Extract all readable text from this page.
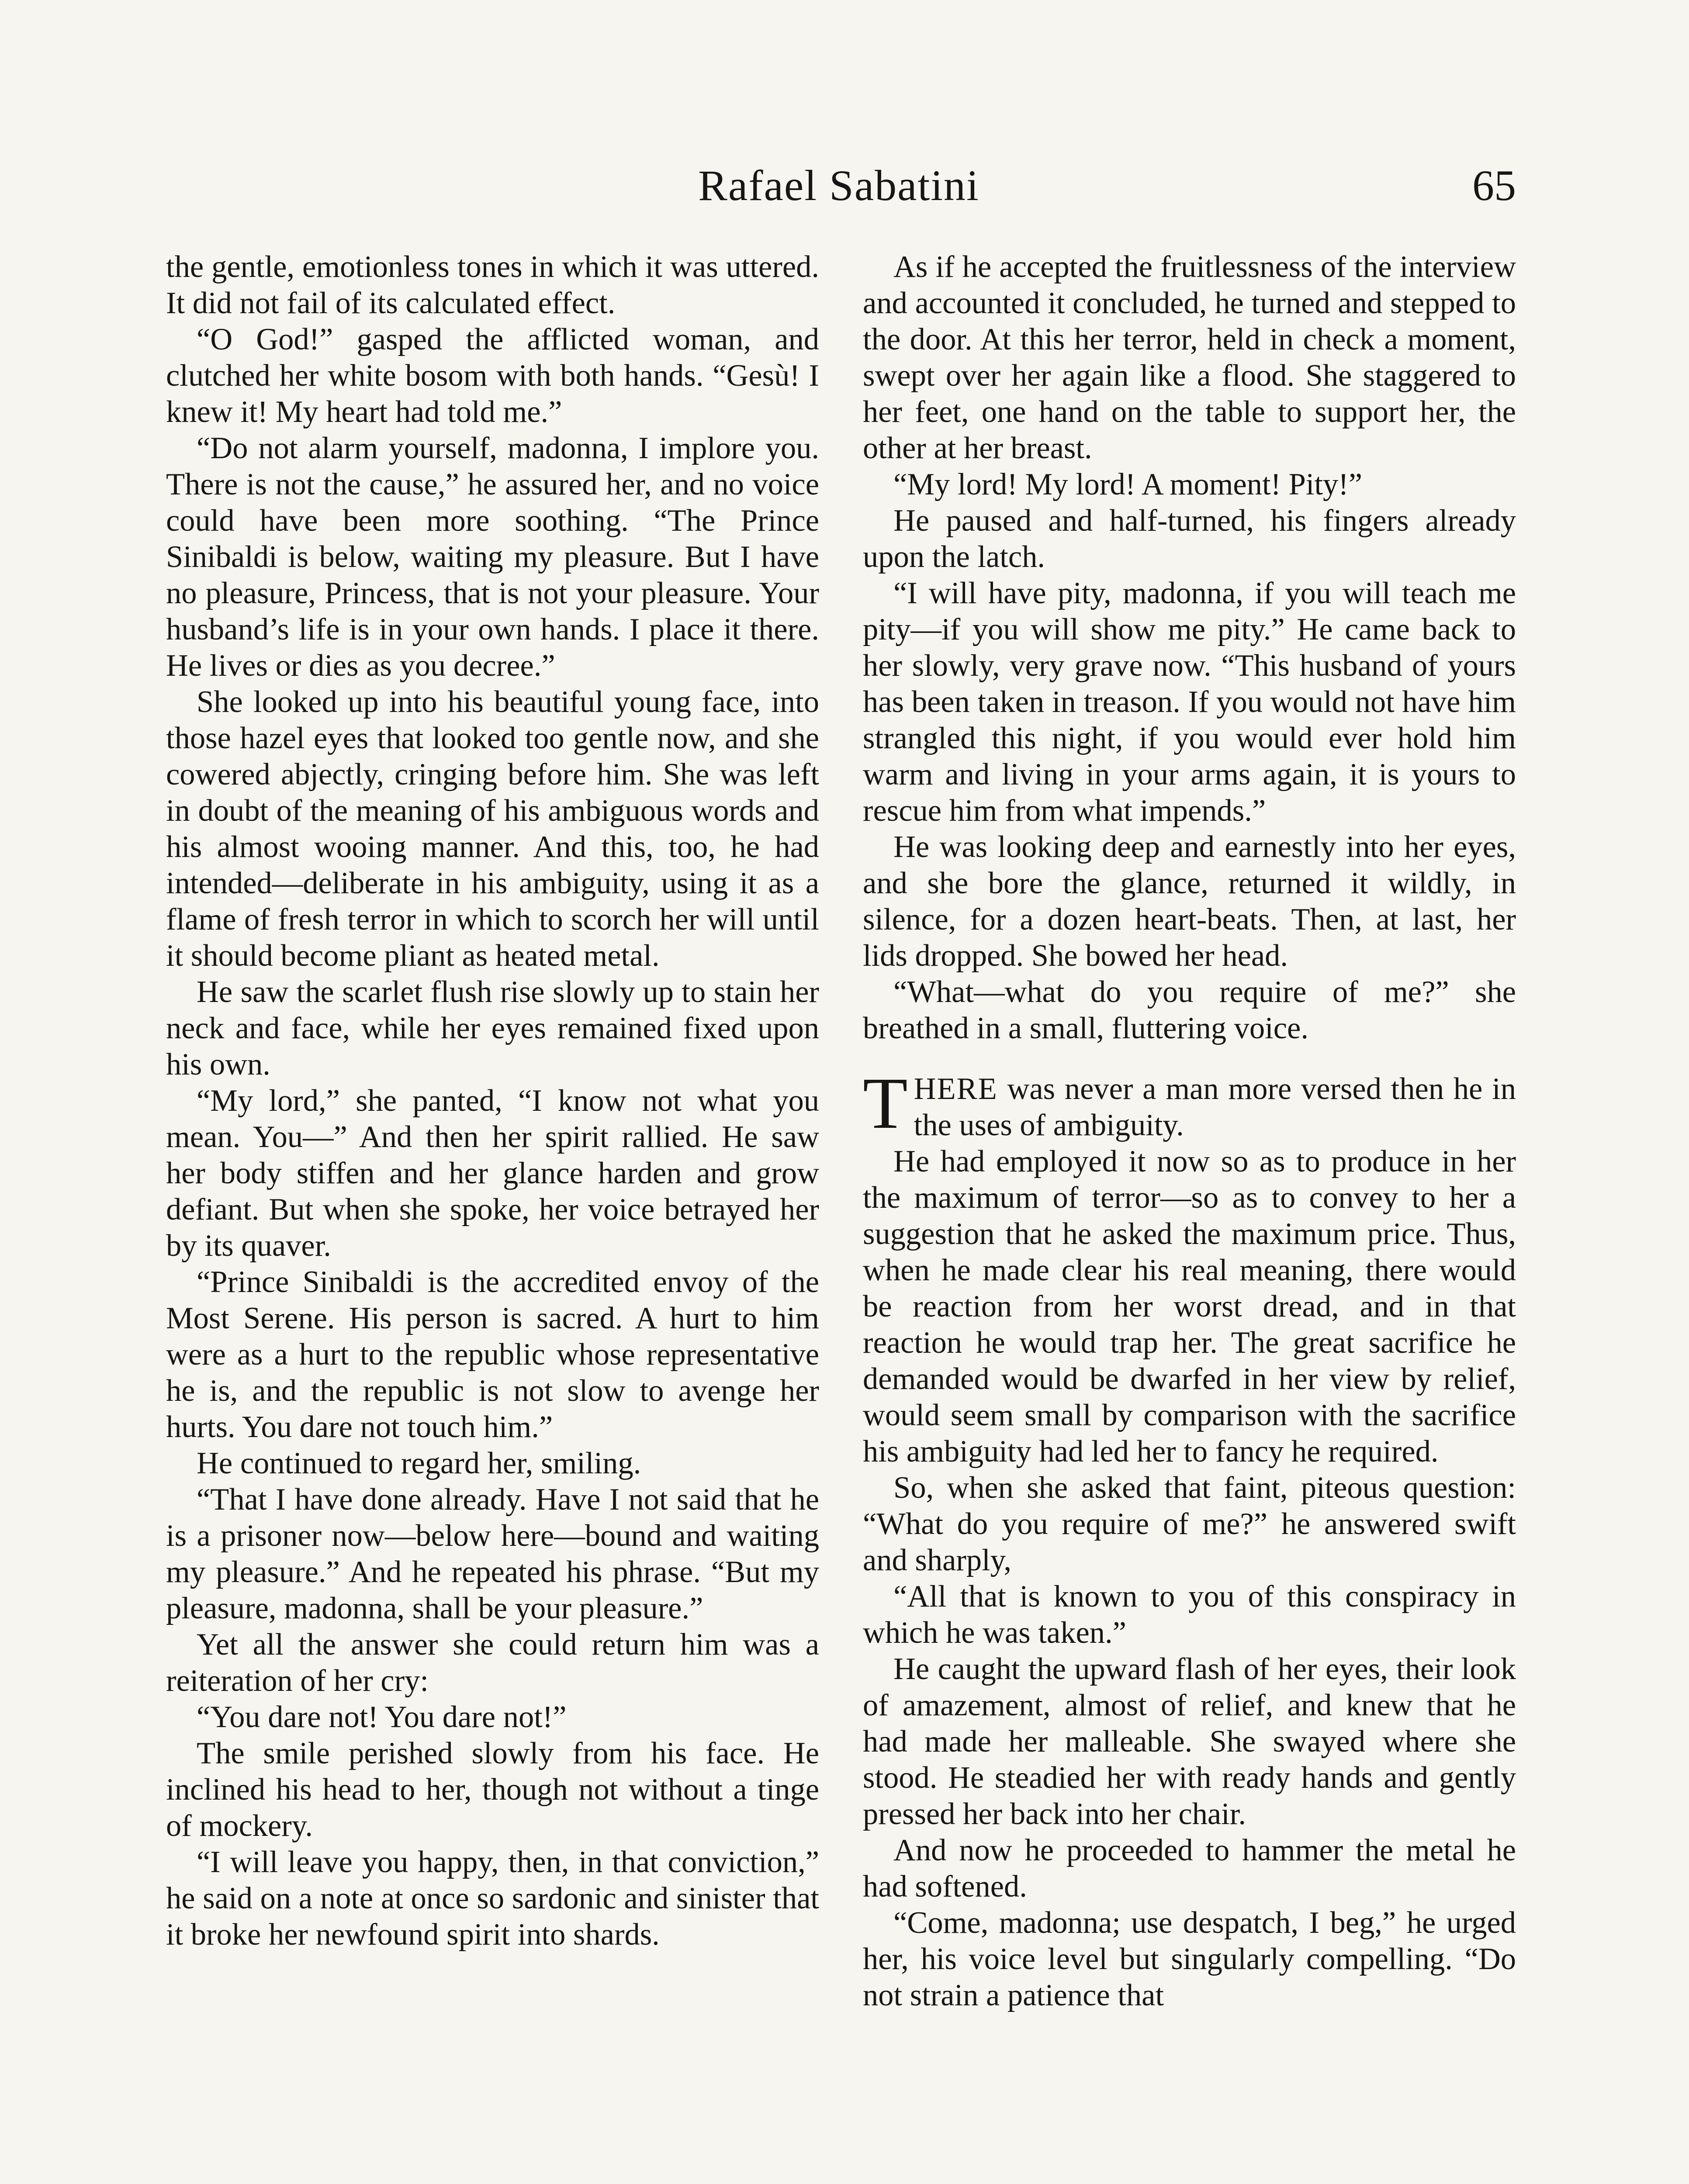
Rafael Sabatini	65

the gentle, emotionless tones in which it was uttered. It did not fail of its calculated effect.

“O God!” gasped the afflicted woman, and clutched her white bosom with both hands. “Gesù! I knew it! My heart had told me.”

“Do not alarm yourself, madonna, I implore you. There is not the cause,” he assured her, and no voice could have been more soothing. “The Prince Sinibaldi is below, waiting my pleasure. But I have no pleasure, Princess, that is not your pleasure. Your husband’s life is in your own hands. I place it there. He lives or dies as you decree.”

She looked up into his beautiful young face, into those hazel eyes that looked too gentle now, and she cowered abjectly, cringing before him. She was left in doubt of the meaning of his ambiguous words and his almost wooing manner. And this, too, he had intended—deliberate in his ambiguity, using it as a flame of fresh terror in which to scorch her will until it should become pliant as heated metal.

He saw the scarlet flush rise slowly up to stain her neck and face, while her eyes remained fixed upon his own.

“My lord,” she panted, “I know not what you mean. You—” And then her spirit rallied. He saw her body stiffen and her glance harden and grow defiant. But when she spoke, her voice betrayed her by its quaver.

“Prince Sinibaldi is the accredited envoy of the Most Serene. His person is sacred. A hurt to him were as a hurt to the republic whose representative he is, and the republic is not slow to avenge her hurts. You dare not touch him.”

He continued to regard her, smiling.

“That I have done already. Have I not said that he is a prisoner now—below here—bound and waiting my pleasure.” And he repeated his phrase. “But my pleasure, madonna, shall be your pleasure.”

Yet all the answer she could return him was a reiteration of her cry:

“You dare not! You dare not!”

The smile perished slowly from his face. He inclined his head to her, though not without a tinge of mockery.

“I will leave you happy, then, in that conviction,” he said on a note at once so sardonic and sinister that it broke her newfound spirit into shards.

As if he accepted the fruitlessness of the interview and accounted it concluded, he turned and stepped to the door. At this her terror, held in check a moment, swept over her again like a flood. She staggered to her feet, one hand on the table to support her, the other at her breast.

“My lord! My lord! A moment! Pity!”

He paused and half-turned, his fingers already upon the latch.

“I will have pity, madonna, if you will teach me pity—if you will show me pity.” He came back to her slowly, very grave now. “This husband of yours has been taken in treason. If you would not have him strangled this night, if you would ever hold him warm and living in your arms again, it is yours to rescue him from what impends.”

He was looking deep and earnestly into her eyes, and she bore the glance, returned it wildly, in silence, for a dozen heart-beats. Then, at last, her lids dropped. She bowed her head.

“What—what do you require of me?” she breathed in a small, fluttering voice.

THERE was never a man more versed then he in the uses of ambiguity.

He had employed it now so as to produce in her the maximum of terror—so as to convey to her a suggestion that he asked the maximum price. Thus, when he made clear his real meaning, there would be reaction from her worst dread, and in that reaction he would trap her. The great sacrifice he demanded would be dwarfed in her view by relief, would seem small by comparison with the sacrifice his ambiguity had led her to fancy he required.

So, when she asked that faint, piteous question: “What do you require of me?” he answered swift and sharply,

“All that is known to you of this conspiracy in which he was taken.”

He caught the upward flash of her eyes, their look of amazement, almost of relief, and knew that he had made her malleable. She swayed where she stood. He steadied her with ready hands and gently pressed her back into her chair.

And now he proceeded to hammer the metal he had softened.

“Come, madonna; use despatch, I beg,” he urged her, his voice level but singularly compelling. “Do not strain a patience that
